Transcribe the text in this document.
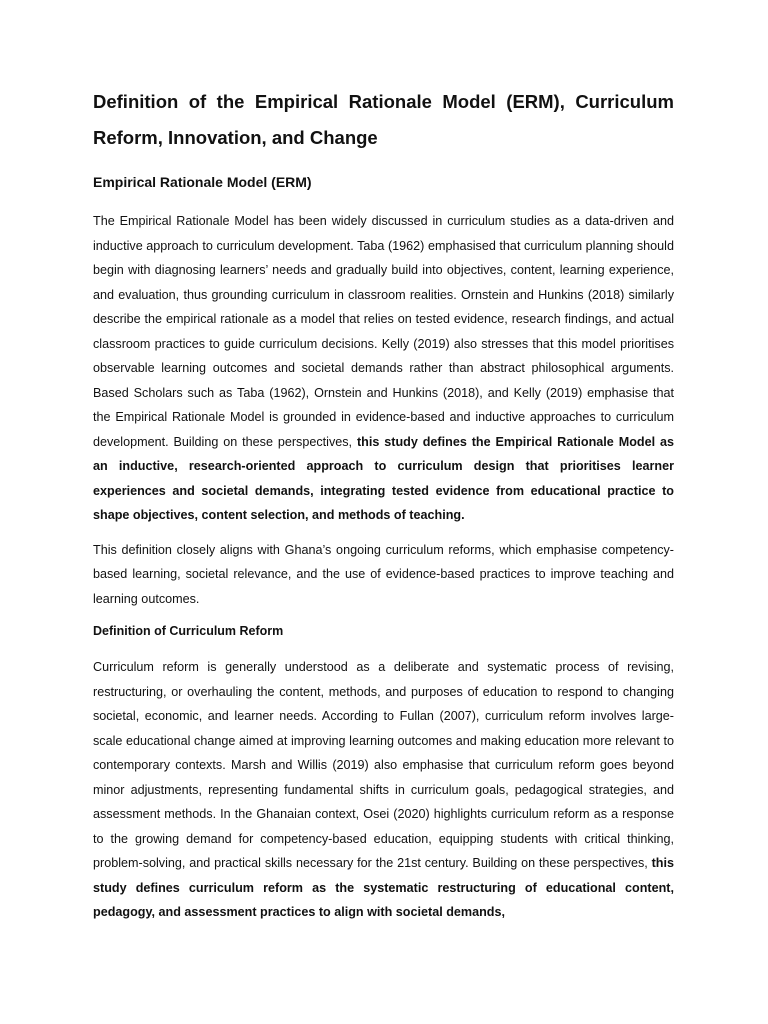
Definition of the Empirical Rationale Model (ERM), Curriculum Reform, Innovation, and Change
Empirical Rationale Model (ERM)

The Empirical Rationale Model has been widely discussed in curriculum studies as a data-driven and inductive approach to curriculum development. Taba (1962) emphasised that curriculum planning should begin with diagnosing learners’ needs and gradually build into objectives, content, learning experience, and evaluation, thus grounding curriculum in classroom realities. Ornstein and Hunkins (2018) similarly describe the empirical rationale as a model that relies on tested evidence, research findings, and actual classroom practices to guide curriculum decisions. Kelly (2019) also stresses that this model prioritises observable learning outcomes and societal demands rather than abstract philosophical arguments. Based Scholars such as Taba (1962), Ornstein and Hunkins (2018), and Kelly (2019) emphasise that the Empirical Rationale Model is grounded in evidence-based and inductive approaches to curriculum development. Building on these perspectives, this study defines the Empirical Rationale Model as an inductive, research-oriented approach to curriculum design that prioritises learner experiences and societal demands, integrating tested evidence from educational practice to shape objectives, content selection, and methods of teaching.

This definition closely aligns with Ghana’s ongoing curriculum reforms, which emphasise competency-based learning, societal relevance, and the use of evidence-based practices to improve teaching and learning outcomes.

Definition of Curriculum Reform

Curriculum reform is generally understood as a deliberate and systematic process of revising, restructuring, or overhauling the content, methods, and purposes of education to respond to changing societal, economic, and learner needs. According to Fullan (2007), curriculum reform involves large-scale educational change aimed at improving learning outcomes and making education more relevant to contemporary contexts. Marsh and Willis (2019) also emphasise that curriculum reform goes beyond minor adjustments, representing fundamental shifts in curriculum goals, pedagogical strategies, and assessment methods. In the Ghanaian context, Osei (2020) highlights curriculum reform as a response to the growing demand for competency-based education, equipping students with critical thinking, problem-solving, and practical skills necessary for the 21st century. Building on these perspectives, this study defines curriculum reform as the systematic restructuring of educational content, pedagogy, and assessment practices to align with societal demands,
